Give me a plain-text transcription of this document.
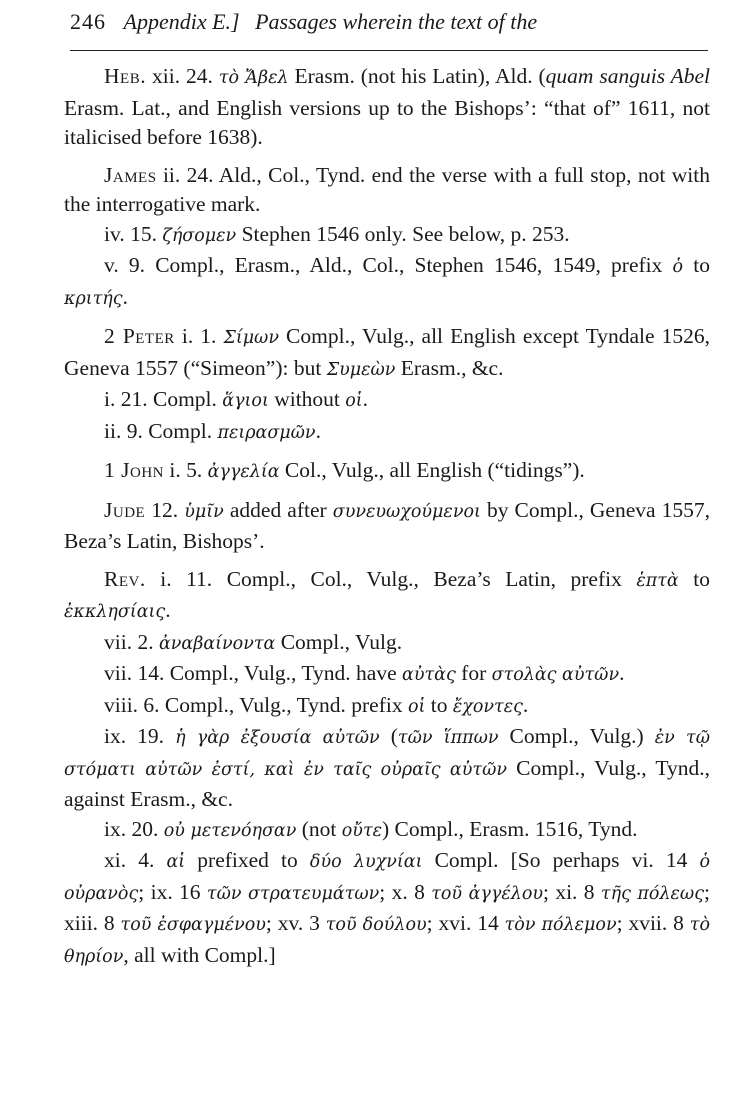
246 Appendix E.] Passages wherein the text of the

Heb. xii. 24. τὸ Ἄβελ Erasm. (not his Latin), Ald. (quam sanguis Abel Erasm. Lat., and English versions up to the Bishops’: “that of” 1611, not italicised before 1638).

James ii. 24. Ald., Col., Tynd. end the verse with a full stop, not with the interrogative mark.

iv. 15. ζήσομεν Stephen 1546 only. See below, p. 253.

v. 9. Compl., Erasm., Ald., Col., Stephen 1546, 1549, prefix ὁ to κριτής.

2 Peter i. 1. Σίμων Compl., Vulg., all English except Tyndale 1526, Geneva 1557 (“Simeon”): but Συμεὼν Erasm., &c.

i. 21. Compl. ἅγιοι without οἱ.

ii. 9. Compl. πειρασμῶν.

1 John i. 5. ἀγγελία Col., Vulg., all English (“tidings”).

Jude 12. ὑμῖν added after συνευωχούμενοι by Compl., Geneva 1557, Beza’s Latin, Bishops’.

Rev. i. 11. Compl., Col., Vulg., Beza’s Latin, prefix ἑπτὰ to ἐκκλησίαις.

vii. 2. ἀναβαίνοντα Compl., Vulg.

vii. 14. Compl., Vulg., Tynd. have αὐτὰς for στολὰς αὐτῶν.

viii. 6. Compl., Vulg., Tynd. prefix οἱ to ἔχοντες.

ix. 19. ἡ γὰρ ἐξουσία αὐτῶν (τῶν ἵππων Compl., Vulg.) ἐν τῷ στόματι αὐτῶν ἐστί, καὶ ἐν ταῖς οὐραῖς αὐτῶν Compl., Vulg., Tynd., against Erasm., &c.

ix. 20. οὐ μετενόησαν (not οὔτε) Compl., Erasm. 1516, Tynd.

xi. 4. αἱ prefixed to δύο λυχνίαι Compl. [So perhaps vi. 14 ὁ οὐρανὸς; ix. 16 τῶν στρατευμάτων; x. 8 τοῦ ἀγγέλου; xi. 8 τῆς πόλεως; xiii. 8 τοῦ ἐσφαγμένου; xv. 3 τοῦ δούλου; xvi. 14 τὸν πόλεμον; xvii. 8 τὸ θηρίον, all with Compl.]
